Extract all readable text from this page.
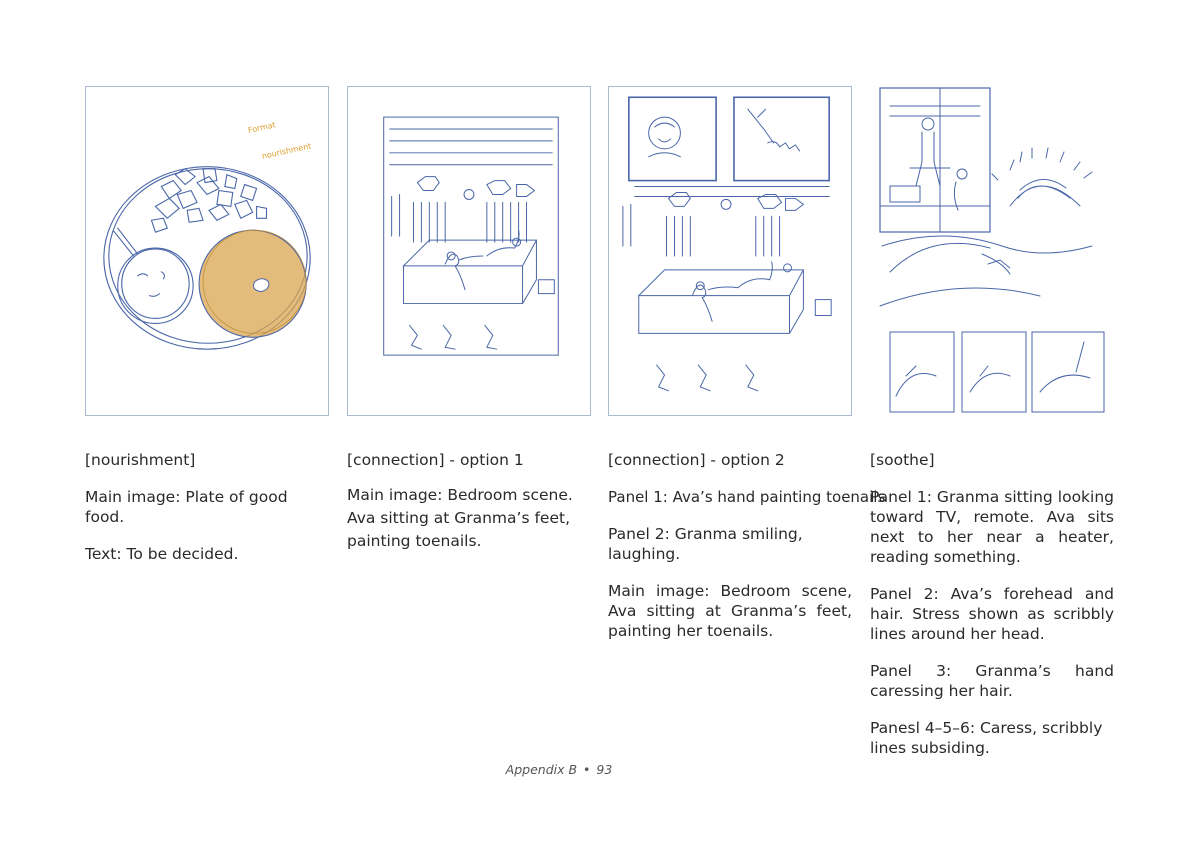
Format
nourishment

[nourishment]

Main image: Plate of good food.

Text: To be decided.

[connection] - option 1

Main image: Bedroom scene. Ava sitting at Granma’s feet, painting toenails.

[connection] - option 2

Panel 1: Ava’s hand painting toenails

Panel 2: Granma smiling, laughing.

Main image: Bedroom scene, Ava sitting at Granma’s feet, painting her toenails.

[soothe]

Panel 1: Granma sitting looking toward TV, remote. Ava sits next to her near a heater, reading something.

Panel 2: Ava’s forehead and hair. Stress shown as scribbly lines around her head.

Panel 3: Granma’s hand caressing her hair.

Panesl 4–5–6: Caress, scribbly lines subsiding.

Appendix B • 93
